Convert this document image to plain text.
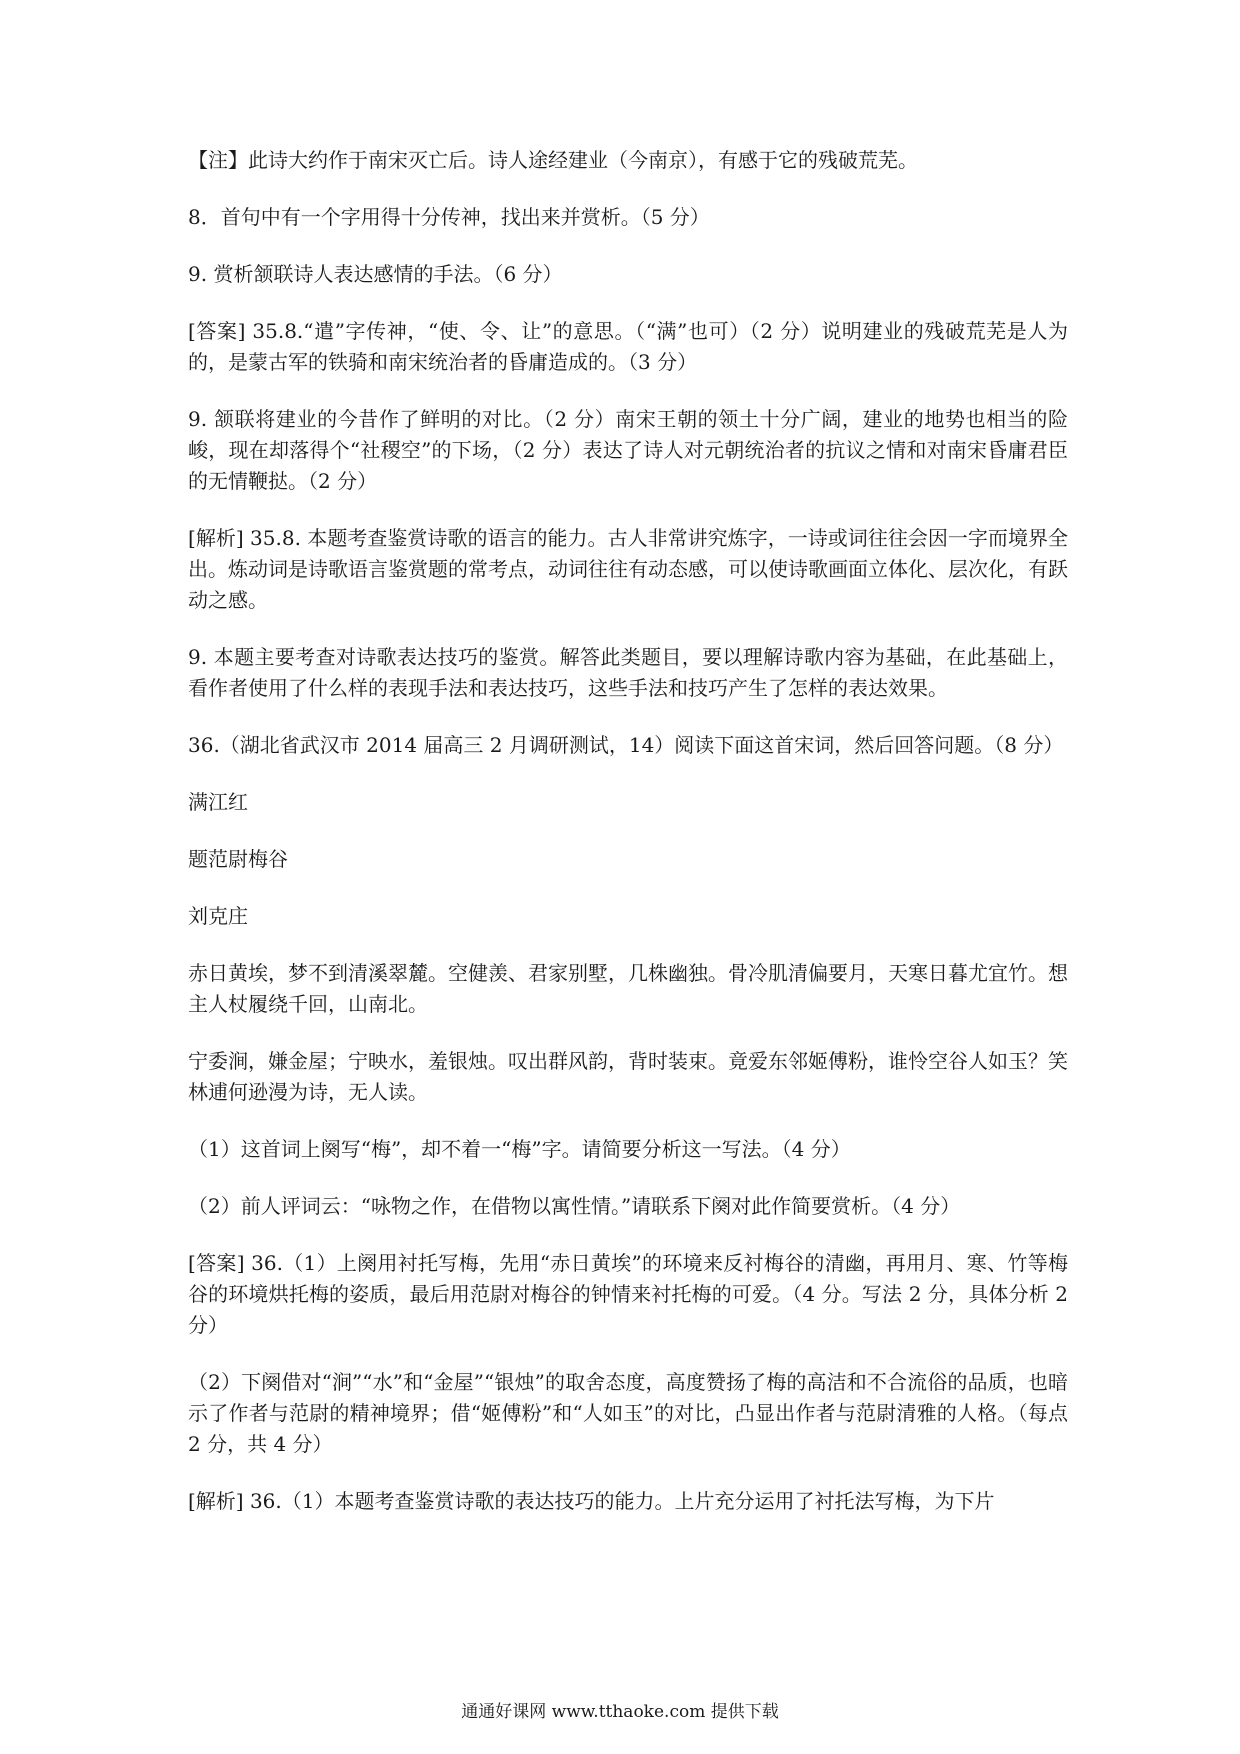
【注】此诗大约作于南宋灭亡后。诗人途经建业（今南京），有感于它的残破荒芜。

8．首句中有一个字用得十分传神，找出来并赏析。（5 分）

9. 赏析颔联诗人表达感情的手法。（6 分）

[答案] 35.8.“遣”字传神，“使、令、让”的意思。（“满”也可）（2 分）说明建业的残破荒芜是人为的，是蒙古军的铁骑和南宋统治者的昏庸造成的。（3 分）

9. 颔联将建业的今昔作了鲜明的对比。（2 分）南宋王朝的领土十分广阔，建业的地势也相当的险峻，现在却落得个“社稷空”的下场，（2 分）表达了诗人对元朝统治者的抗议之情和对南宋昏庸君臣的无情鞭挞。（2 分）

[解析] 35.8. 本题考查鉴赏诗歌的语言的能力。古人非常讲究炼字，一诗或词往往会因一字而境界全出。炼动词是诗歌语言鉴赏题的常考点，动词往往有动态感，可以使诗歌画面立体化、层次化，有跃动之感。

9. 本题主要考查对诗歌表达技巧的鉴赏。解答此类题目，要以理解诗歌内容为基础，在此基础上，看作者使用了什么样的表现手法和表达技巧，这些手法和技巧产生了怎样的表达效果。

36.（湖北省武汉市 2014 届高三 2 月调研测试，14）阅读下面这首宋词，然后回答问题。（8 分）

满江红

题范尉梅谷

刘克庄

赤日黄埃，梦不到清溪翠麓。空健羡、君家别墅，几株幽独。骨冷肌清偏要月，天寒日暮尤宜竹。想主人杖履绕千回，山南北。

宁委涧，嫌金屋；宁映水，羞银烛。叹出群风韵，背时装束。竟爱东邻姬傅粉，谁怜空谷人如玉？笑林逋何逊漫为诗，无人读。

（1）这首词上阕写“梅”，却不着一“梅”字。请简要分析这一写法。（4 分）

（2）前人评词云：“咏物之作，在借物以寓性情。”请联系下阕对此作简要赏析。（4 分）

[答案] 36.（1）上阕用衬托写梅，先用“赤日黄埃”的环境来反衬梅谷的清幽，再用月、寒、竹等梅谷的环境烘托梅的姿质，最后用范尉对梅谷的钟情来衬托梅的可爱。（4 分。写法 2 分，具体分析 2 分）

（2）下阕借对“涧”“水”和“金屋”“银烛”的取舍态度，高度赞扬了梅的高洁和不合流俗的品质，也暗示了作者与范尉的精神境界；借“姬傅粉”和“人如玉”的对比，凸显出作者与范尉清雅的人格。（每点 2 分，共 4 分）

[解析] 36.（1）本题考查鉴赏诗歌的表达技巧的能力。上片充分运用了衬托法写梅，为下片

通通好课网 www.tthaoke.com 提供下载
